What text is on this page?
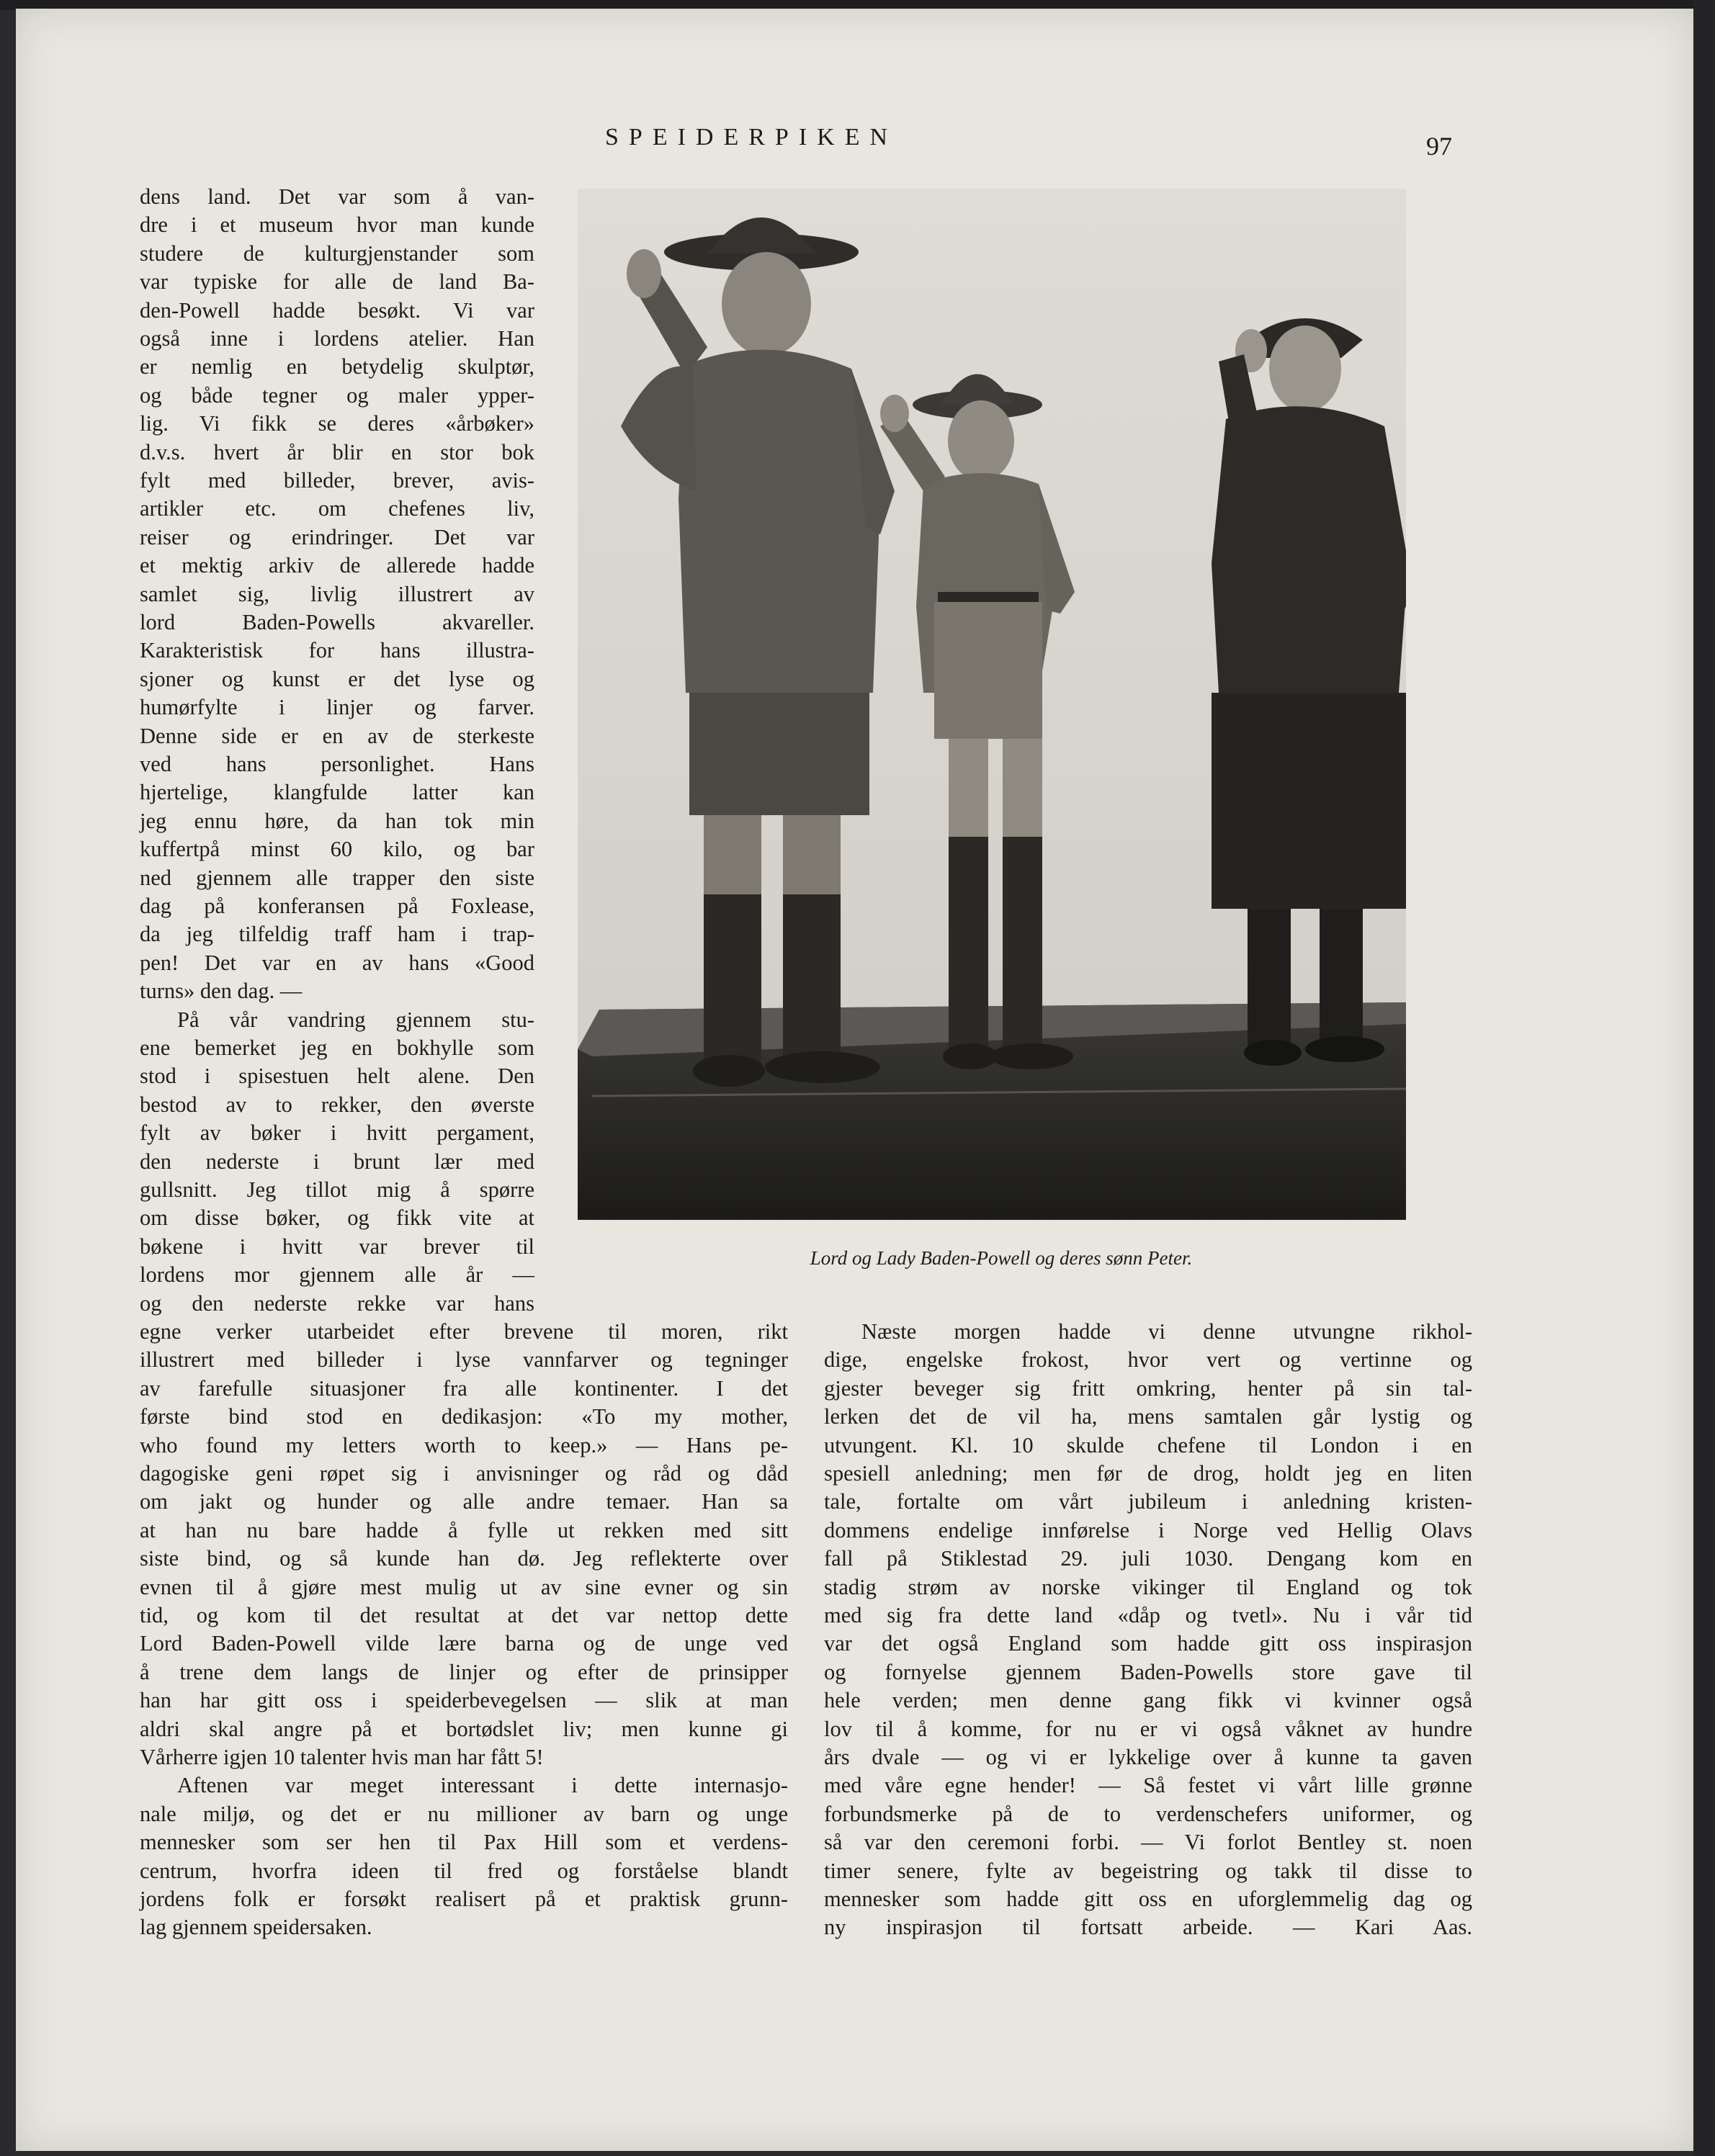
SPEIDERPIKEN	97
dens land. Det var som å van-
dre i et museum hvor man kunde
studere de kulturgjenstander som
var typiske for alle de land Ba-
den-Powell hadde besøkt. Vi var
også inne i lordens atelier. Han
er nemlig en betydelig skulptør,
og både tegner og maler ypper-
lig. Vi fikk se deres «årbøker»
d.v.s. hvert år blir en stor bok
fylt med billeder, brever, avis-
artikler etc. om chefenes liv,
reiser og erindringer. Det var
et mektig arkiv de allerede hadde
samlet sig, livlig illustrert av
lord Baden-Powells akvareller.
Karakteristisk for hans illustra-
sjoner og kunst er det lyse og
humørfylte i linjer og farver.
Denne side er en av de sterkeste
ved hans personlighet. Hans
hjertelige, klangfulde latter kan
jeg ennu høre, da han tok min
kuffertpå minst 60 kilo, og bar
ned gjennem alle trapper den siste
dag på konferansen på Foxlease,
da jeg tilfeldig traff ham i trap-
pen! Det var en av hans «Good
turns» den dag. —
På vår vandring gjennem stu-
ene bemerket jeg en bokhylle som
stod i spisestuen helt alene. Den
bestod av to rekker, den øverste
fylt av bøker i hvitt pergament,
den nederste i brunt lær med
gullsnitt. Jeg tillot mig å spørre
om disse bøker, og fikk vite at
bøkene i hvitt var brever til
lordens mor gjennem alle år —
og den nederste rekke var hans
egne verker utarbeidet efter brevene til moren, rikt
illustrert med billeder i lyse vannfarver og tegninger
av farefulle situasjoner fra alle kontinenter. I det
første bind stod en dedikasjon: «To my mother,
who found my letters worth to keep.» — Hans pe-
dagogiske geni røpet sig i anvisninger og råd og dåd
om jakt og hunder og alle andre temaer. Han sa
at han nu bare hadde å fylle ut rekken med sitt
siste bind, og så kunde han dø. Jeg reflekterte over
evnen til å gjøre mest mulig ut av sine evner og sin
tid, og kom til det resultat at det var nettop dette
Lord Baden-Powell vilde lære barna og de unge ved
å trene dem langs de linjer og efter de prinsipper
han har gitt oss i speiderbevegelsen — slik at man
aldri skal angre på et bortødslet liv; men kunne gi
Vårherre igjen 10 talenter hvis man har fått 5!
Aftenen var meget interessant i dette internasjo-
nale miljø, og det er nu millioner av barn og unge
mennesker som ser hen til Pax Hill som et verdens-
centrum, hvorfra ideen til fred og forståelse blandt
jordens folk er forsøkt realisert på et praktisk grunn-
lag gjennem speidersaken.
Næste morgen hadde vi denne utvungne rikhol-
dige, engelske frokost, hvor vert og vertinne og
gjester beveger sig fritt omkring, henter på sin tal-
lerken det de vil ha, mens samtalen går lystig og
utvungent. Kl. 10 skulde chefene til London i en
spesiell anledning; men før de drog, holdt jeg en liten
tale, fortalte om vårt jubileum i anledning kristen-
dommens endelige innførelse i Norge ved Hellig Olavs
fall på Stiklestad 29. juli 1030. Dengang kom en
stadig strøm av norske vikinger til England og tok
med sig fra dette land «dåp og tvetl». Nu i vår tid
var det også England som hadde gitt oss inspirasjon
og fornyelse gjennem Baden-Powells store gave til
hele verden; men denne gang fikk vi kvinner også
lov til å komme, for nu er vi også våknet av hundre
års dvale — og vi er lykkelige over å kunne ta gaven
med våre egne hender! — Så festet vi vårt lille grønne
forbundsmerke på de to verdenschefers uniformer, og
så var den ceremoni forbi. — Vi forlot Bentley st. noen
timer senere, fylte av begeistring og takk til disse to
mennesker som hadde gitt oss en uforglemmelig dag og
ny inspirasjon til fortsatt arbeide. — Kari Aas.
Lord og Lady Baden-Powell og deres sønn Peter.
